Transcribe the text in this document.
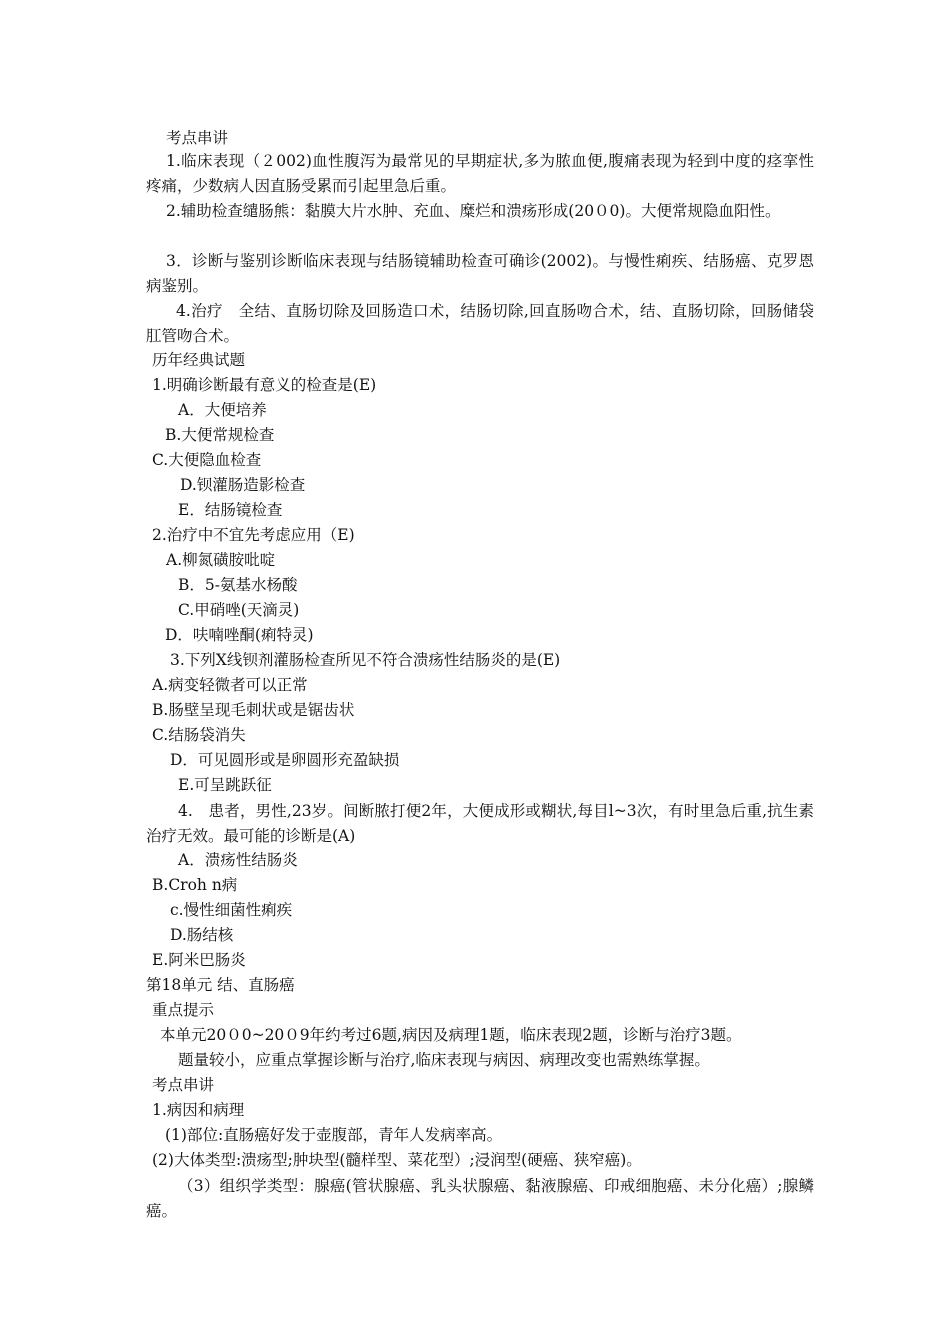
考点串讲
1.临床表现（２002)血性腹泻为最常见的早期症状,多为脓血便,腹痛表现为轻到中度的痉挛性疼痛，少数病人因直肠受累而引起里急后重。
2.辅助检查缱肠熊：黏膜大片水肿、充血、糜烂和溃疡形成(20０0)。大便常规隐血阳性。
3．诊断与鉴别诊断临床表现与结肠镜辅助检查可确诊(2002)。与慢性痢疾、结肠癌、克罗恩病鉴别。
4.治疗　全结、直肠切除及回肠造口术，结肠切除,回直肠吻合术，结、直肠切除，回肠储袋肛管吻合术。
历年经典试题
1.明确诊断最有意义的检查是(E)
A．大便培养
B.大便常规检查
C.大便隐血检查
D.钡灌肠造影检查
E．结肠镜检查
2.治疗中不宜先考虑应用（E)
A.柳氮磺胺吡啶
B．5-氨基水杨酸
C.甲硝唑(天滴灵)
D．呋喃唑酮(痢特灵)
3.下列X线钡剂灌肠检查所见不符合溃疡性结肠炎的是(E)
A.病变轻微者可以正常
B.肠壁呈现毛刺状或是锯齿状
C.结肠袋消失
D．可见圆形或是卵圆形充盈缺损
E.可呈跳跃征
4.　患者，男性,23岁。间断脓打便2年，大便成形或糊状,每目l~3次，有时里急后重,抗生素治疗无效。最可能的诊断是(A)
A．溃疡性结肠炎
B.Croh n病
c.慢性细菌性痢疾
D.肠结核
E.阿米巴肠炎
第18单元 结、直肠癌
重点提示
本单元20０0~20０9年约考过6题,病因及病理1题，临床表现2题，诊断与治疗3题。
题量较小，应重点掌握诊断与治疗,临床表现与病因、病理改变也需熟练掌握。
考点串讲
1.病因和病理
(1)部位:直肠癌好发于壶腹部，青年人发病率高。
(2)大体类型:溃疡型;肿块型(髓样型、菜花型）;浸润型(硬癌、狭窄癌)。
（3）组织学类型：腺癌(管状腺癌、乳头状腺癌、黏液腺癌、印戒细胞癌、未分化癌）;腺鳞癌。
